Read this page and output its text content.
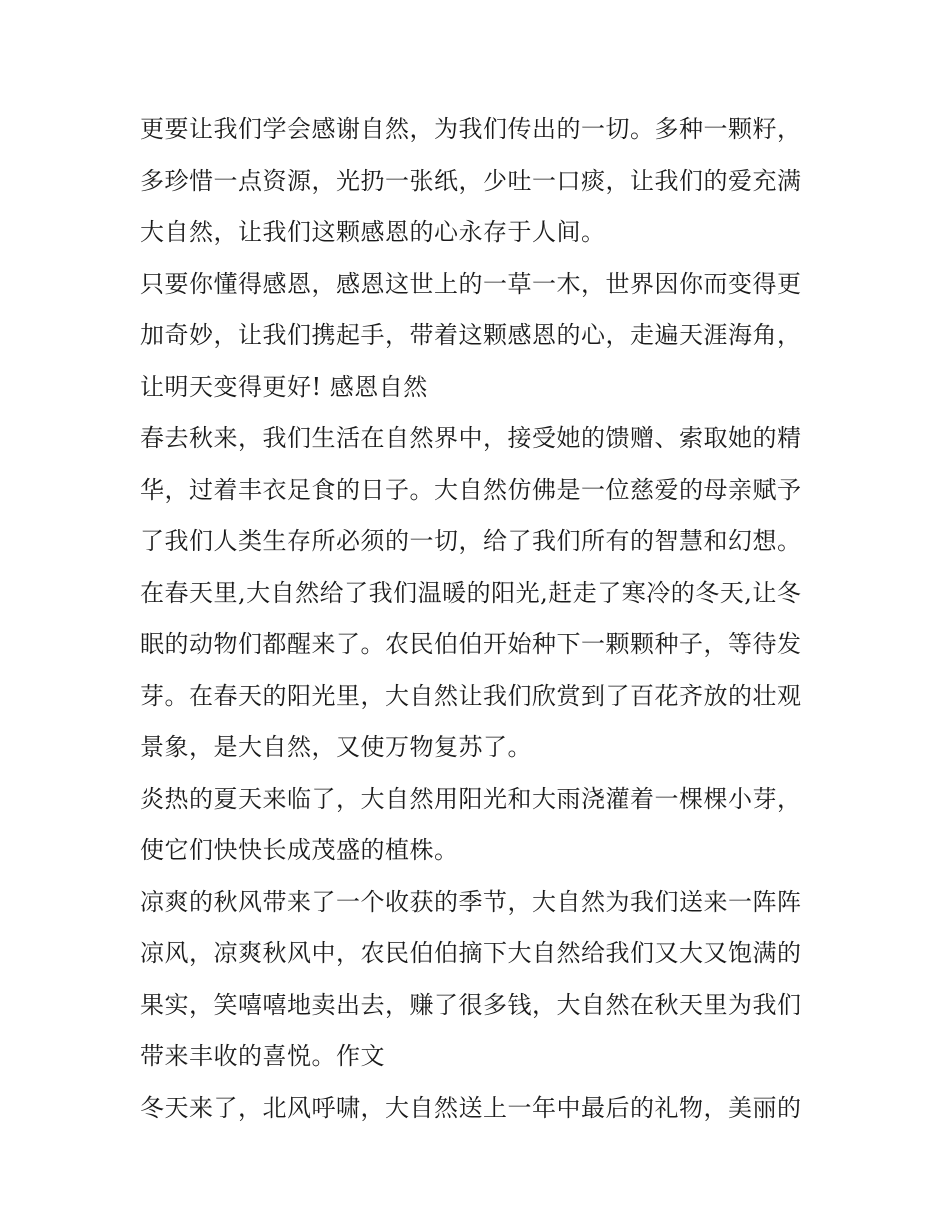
更要让我们学会感谢自然，为我们传出的一切。多种一颗籽，
多珍惜一点资源，光扔一张纸，少吐一口痰，让我们的爱充满
大自然，让我们这颗感恩的心永存于人间。
只要你懂得感恩，感恩这世上的一草一木，世界因你而变得更
加奇妙，让我们携起手，带着这颗感恩的心，走遍天涯海角，
让明天变得更好! 感恩自然
春去秋来，我们生活在自然界中，接受她的馈赠、索取她的精
华，过着丰衣足食的日子。大自然仿佛是一位慈爱的母亲赋予
了我们人类生存所必须的一切，给了我们所有的智慧和幻想。
在春天里,大自然给了我们温暖的阳光,赶走了寒冷的冬天,让冬
眠的动物们都醒来了。农民伯伯开始种下一颗颗种子，等待发
芽。在春天的阳光里，大自然让我们欣赏到了百花齐放的壮观
景象，是大自然，又使万物复苏了。
炎热的夏天来临了，大自然用阳光和大雨浇灌着一棵棵小芽，
使它们快快长成茂盛的植株。
凉爽的秋风带来了一个收获的季节，大自然为我们送来一阵阵
凉风，凉爽秋风中，农民伯伯摘下大自然给我们又大又饱满的
果实，笑嘻嘻地卖出去，赚了很多钱，大自然在秋天里为我们
带来丰收的喜悦。作文
冬天来了，北风呼啸，大自然送上一年中最后的礼物，美丽的
